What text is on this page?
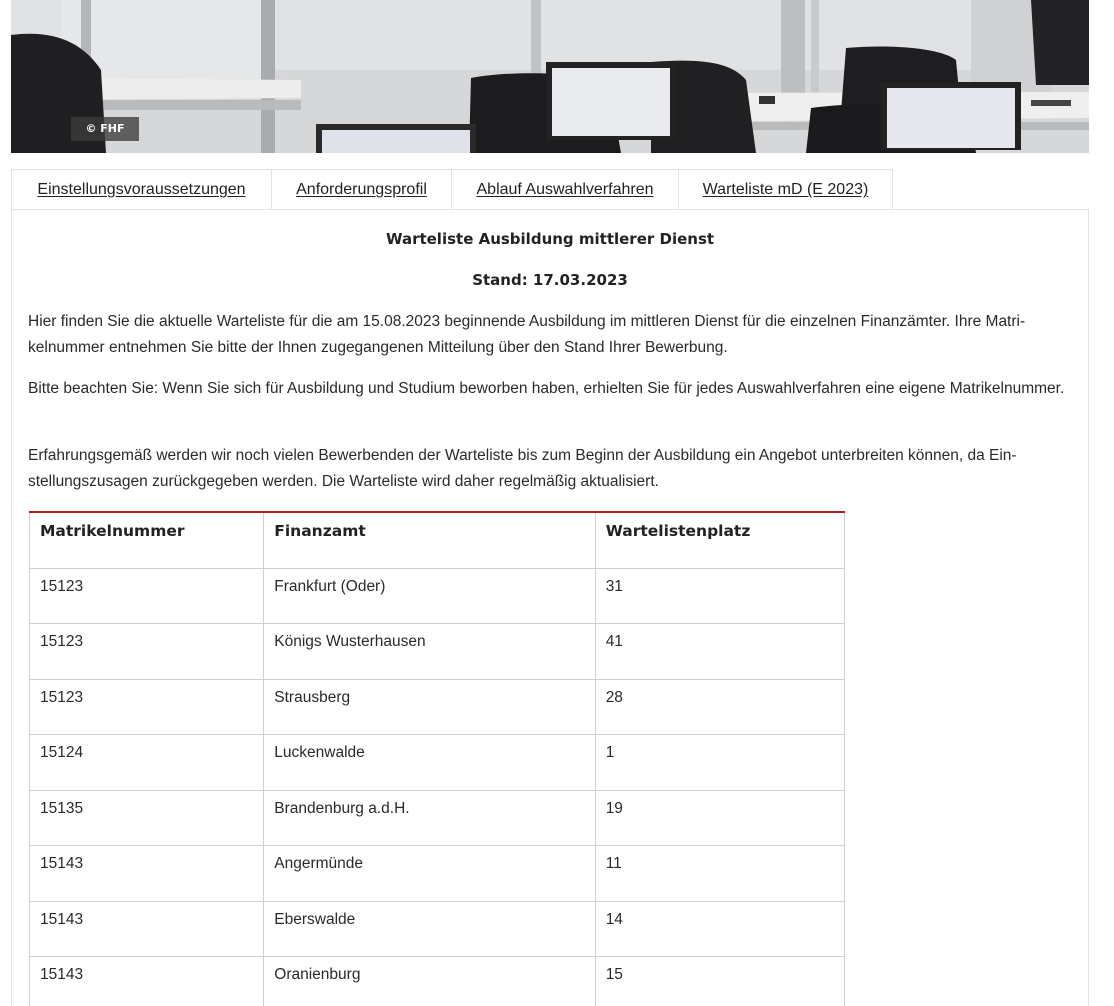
© FHF
Einstellungsvoraussetzungen	Anforderungsprofil	Ablauf Auswahlverfahren	Warteliste mD (E 2023)
Warteliste Ausbildung mittlerer Dienst
Stand: 17.03.2023

Hier finden Sie die aktuelle Warteliste für die am 15.08.2023 beginnende Ausbildung im mittleren Dienst für die einzelnen Finanzämter. Ihre Matrikelnummer entnehmen Sie bitte der Ihnen zugegangenen Mitteilung über den Stand Ihrer Bewerbung.

Bitte beachten Sie: Wenn Sie sich für Ausbildung und Studium beworben haben, erhielten Sie für jedes Auswahlverfahren eine eigene Matrikelnummer.

Erfahrungsgemäß werden wir noch vielen Bewerbenden der Warteliste bis zum Beginn der Ausbildung ein Angebot unterbreiten können, da Einstellungszusagen zurückgegeben werden. Die Warteliste wird daher regelmäßig aktualisiert.

Matrikelnummer	Finanzamt	Wartelistenplatz
15123	Frankfurt (Oder)	31
15123	Königs Wusterhausen	41
15123	Strausberg	28
15124	Luckenwalde	1
15135	Brandenburg a.d.H.	19
15143	Angermünde	11
15143	Eberswalde	14
15143	Oranienburg	15
